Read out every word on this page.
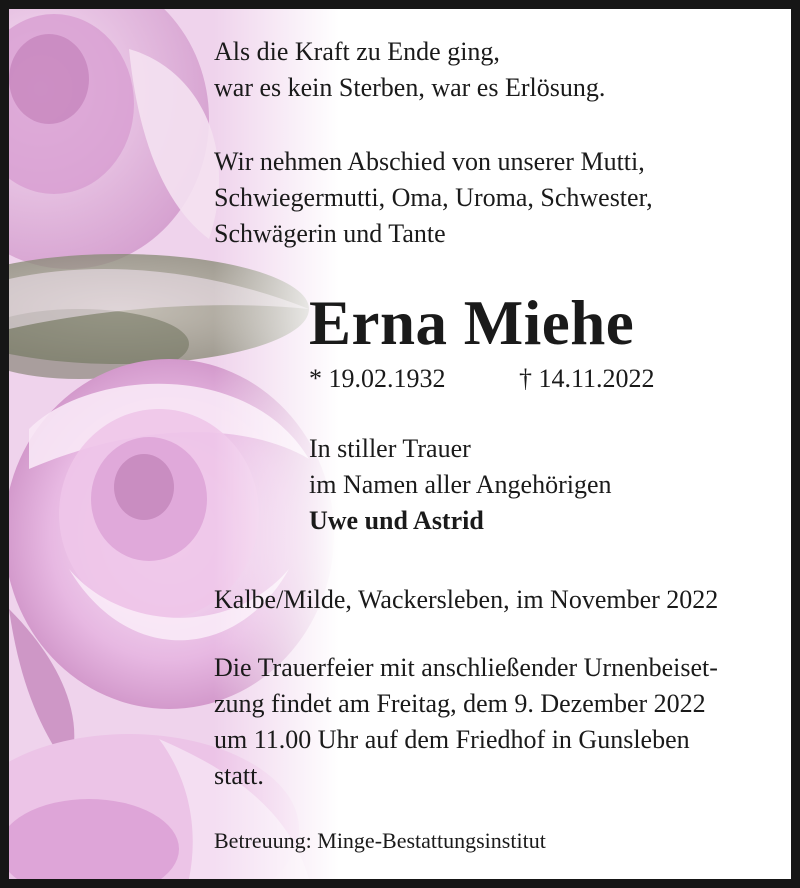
Als die Kraft zu Ende ging,
war es kein Sterben, war es Erlösung.
Wir nehmen Abschied von unserer Mutti,
Schwiegermutti, Oma, Uroma, Schwester,
Schwägerin und Tante
Erna Miehe
* 19.02.1932	† 14.11.2022
In stiller Trauer
im Namen aller Angehörigen
Uwe und Astrid
Kalbe/Milde, Wackersleben, im November 2022
Die Trauerfeier mit anschließender Urnenbeiset-
zung findet am Freitag, dem 9. Dezember 2022
um 11.00 Uhr auf dem Friedhof in Gunsleben
statt.
Betreuung: Minge-Bestattungsinstitut
